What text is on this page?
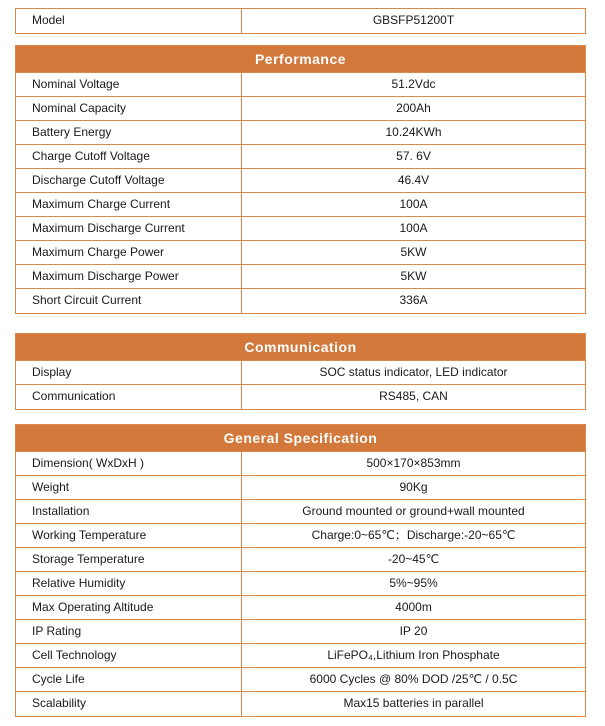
Model	GBSFP51200T
Performance
Nominal Voltage	51.2Vdc
Nominal Capacity	200Ah
Battery Energy	10.24KWh
Charge Cutoff Voltage	57. 6V
Discharge Cutoff Voltage	46.4V
Maximum Charge Current	100A
Maximum Discharge Current	100A
Maximum Charge Power	5KW
Maximum Discharge Power	5KW
Short Circuit Current	336A
Communication
Display	SOC status indicator, LED indicator
Communication	RS485, CAN
General Specification
Dimension( WxDxH )	500×170×853mm
Weight	90Kg
Installation	Ground mounted or ground+wall mounted
Working Temperature	Charge:0~65℃；Discharge:-20~65℃
Storage Temperature	-20~45℃
Relative Humidity	5%~95%
Max Operating Altitude	4000m
IP Rating	IP 20
Cell Technology	LiFePO₄,Lithium Iron Phosphate
Cycle Life	6000 Cycles @ 80% DOD /25℃ / 0.5C
Scalability	Max15 batteries in parallel
